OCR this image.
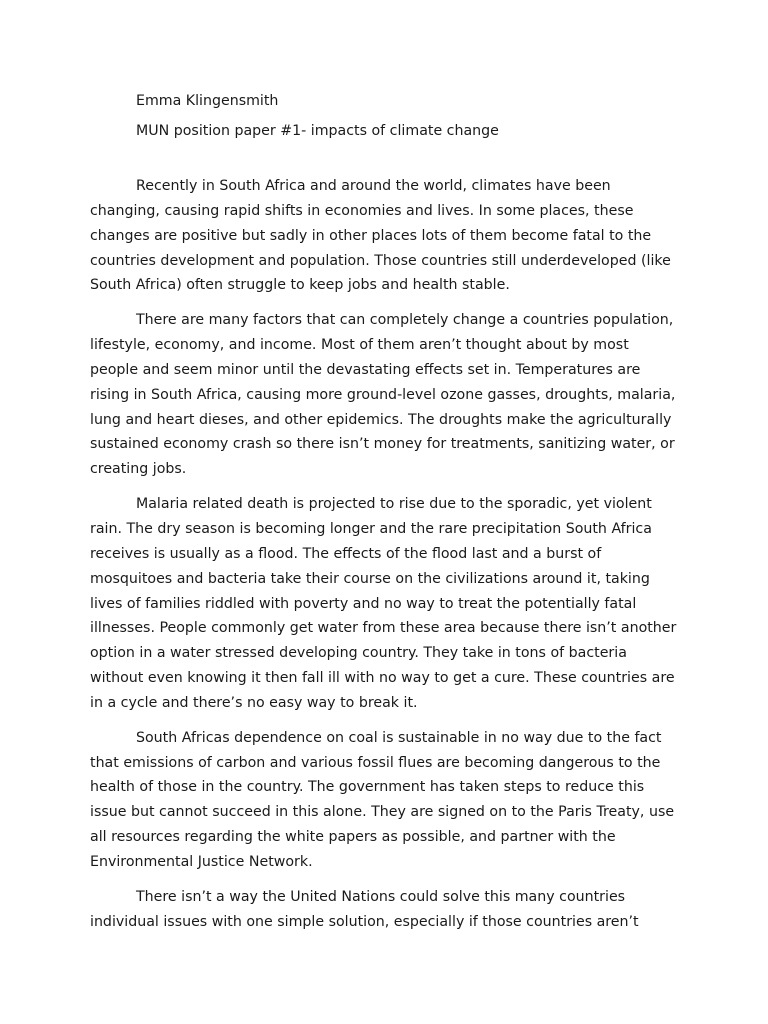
Emma Klingensmith
MUN position paper #1- impacts of climate change

Recently in South Africa and around the world, climates have been changing, causing rapid shifts in economies and lives. In some places, these changes are positive but sadly in other places lots of them become fatal to the countries development and population. Those countries still underdeveloped (like South Africa) often struggle to keep jobs and health stable.

There are many factors that can completely change a countries population, lifestyle, economy, and income. Most of them aren’t thought about by most people and seem minor until the devastating effects set in. Temperatures are rising in South Africa, causing more ground-level ozone gasses, droughts, malaria, lung and heart dieses, and other epidemics. The droughts make the agriculturally sustained economy crash so there isn’t money for treatments, sanitizing water, or creating jobs.

Malaria related death is projected to rise due to the sporadic, yet violent rain. The dry season is becoming longer and the rare precipitation South Africa receives is usually as a flood. The effects of the flood last and a burst of mosquitoes and bacteria take their course on the civilizations around it, taking lives of families riddled with poverty and no way to treat the potentially fatal illnesses. People commonly get water from these area because there isn’t another option in a water stressed developing country. They take in tons of bacteria without even knowing it then fall ill with no way to get a cure. These countries are in a cycle and there’s no easy way to break it.

South Africas dependence on coal is sustainable in no way due to the fact that emissions of carbon and various fossil flues are becoming dangerous to the health of those in the country. The government has taken steps to reduce this issue but cannot succeed in this alone. They are signed on to the Paris Treaty, use all resources regarding the white papers as possible, and partner with the Environmental Justice Network.

There isn’t a way the United Nations could solve this many countries individual issues with one simple solution, especially if those countries aren’t
